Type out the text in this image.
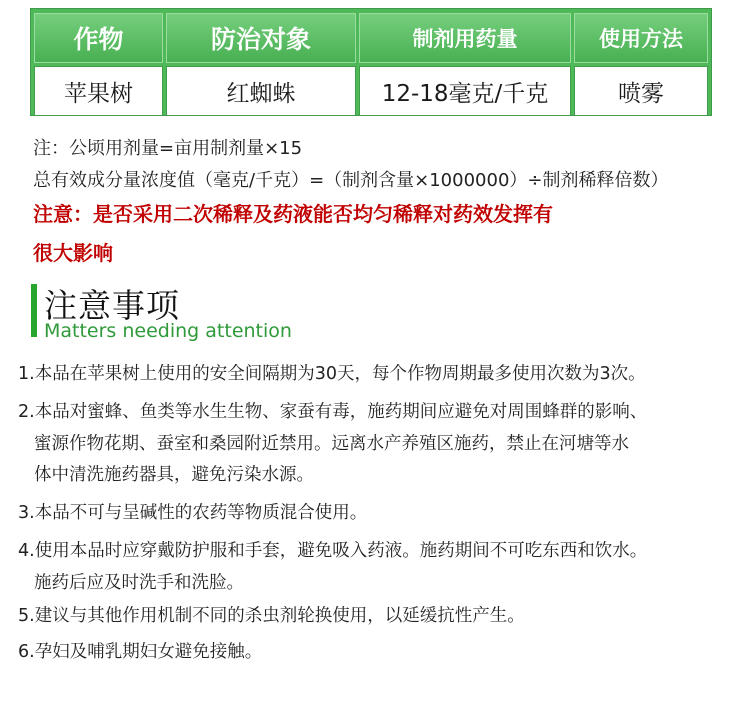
作物	防治对象	制剂用药量	使用方法
苹果树	红蜘蛛	12-18毫克/千克	喷雾
注：公顷用剂量=亩用制剂量×15
总有效成分量浓度值（毫克/千克）=（制剂含量×1000000）÷制剂稀释倍数）
注意：是否采用二次稀释及药液能否均匀稀释对药效发挥有
很大影响
注意事项
Matters needing attention
1.本品在苹果树上使用的安全间隔期为30天，每个作物周期最多使用次数为3次。
2.本品对蜜蜂、鱼类等水生生物、家蚕有毒，施药期间应避免对周围蜂群的影响、
蜜源作物花期、蚕室和桑园附近禁用。远离水产养殖区施药，禁止在河塘等水
体中清洗施药器具，避免污染水源。
3.本品不可与呈碱性的农药等物质混合使用。
4.使用本品时应穿戴防护服和手套，避免吸入药液。施药期间不可吃东西和饮水。
施药后应及时洗手和洗脸。
5.建议与其他作用机制不同的杀虫剂轮换使用，以延缓抗性产生。
6.孕妇及哺乳期妇女避免接触。
